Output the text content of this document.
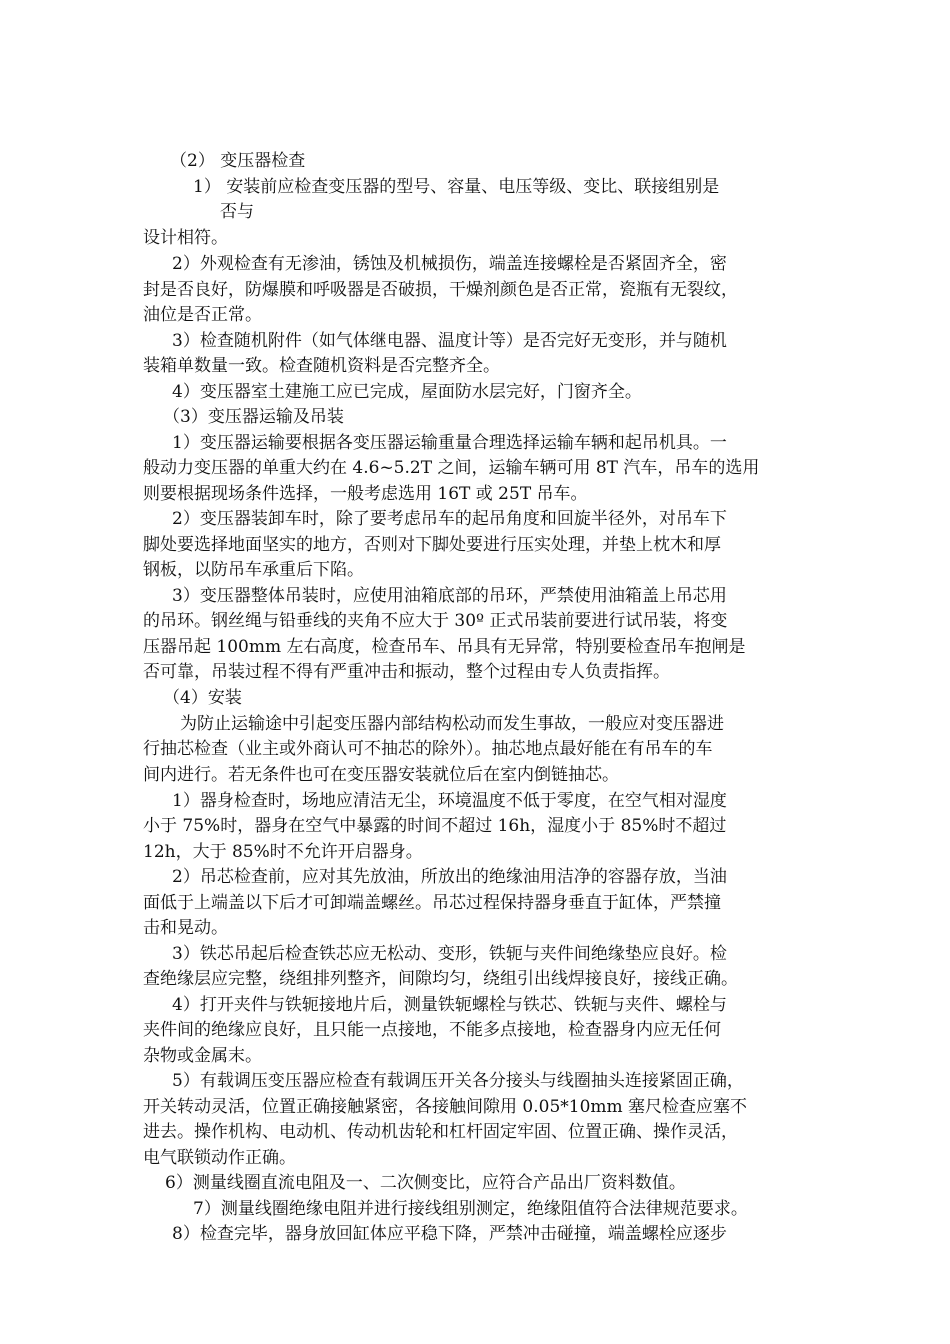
（2） 变压器检查

1） 安装前应检查变压器的型号、容量、电压等级、变比、联接组别是

否与

设计相符。

2）外观检查有无渗油，锈蚀及机械损伤，端盖连接螺栓是否紧固齐全，密

封是否良好，防爆膜和呼吸器是否破损，干燥剂颜色是否正常，瓷瓶有无裂纹，

油位是否正常。

3）检查随机附件（如气体继电器、温度计等）是否完好无变形，并与随机

装箱单数量一致。检查随机资料是否完整齐全。

4）变压器室土建施工应已完成，屋面防水层完好，门窗齐全。

（3）变压器运输及吊装

1）变压器运输要根据各变压器运输重量合理选择运输车辆和起吊机具。一

般动力变压器的单重大约在 4.6~5.2T 之间，运输车辆可用 8T 汽车，吊车的选用

则要根据现场条件选择，一般考虑选用 16T 或 25T 吊车。

2）变压器装卸车时，除了要考虑吊车的起吊角度和回旋半径外，对吊车下

脚处要选择地面坚实的地方，否则对下脚处要进行压实处理，并垫上枕木和厚

钢板，以防吊车承重后下陷。

3）变压器整体吊装时，应使用油箱底部的吊环，严禁使用油箱盖上吊芯用

的吊环。钢丝绳与铅垂线的夹角不应大于 30º 正式吊装前要进行试吊装，将变

压器吊起 100mm 左右高度，检查吊车、吊具有无异常，特别要检查吊车抱闸是

否可靠，吊装过程不得有严重冲击和振动，整个过程由专人负责指挥。

（4）安装

为防止运输途中引起变压器内部结构松动而发生事故，一般应对变压器进

行抽芯检查（业主或外商认可不抽芯的除外）。抽芯地点最好能在有吊车的车

间内进行。若无条件也可在变压器安装就位后在室内倒链抽芯。

1）器身检查时，场地应清洁无尘，环境温度不低于零度，在空气相对湿度

小于 75%时，器身在空气中暴露的时间不超过 16h，湿度小于 85%时不超过

12h，大于 85%时不允许开启器身。

2）吊芯检查前，应对其先放油，所放出的绝缘油用洁净的容器存放，当油

面低于上端盖以下后才可卸端盖螺丝。吊芯过程保持器身垂直于缸体，严禁撞

击和晃动。

3）铁芯吊起后检查铁芯应无松动、变形，铁轭与夹件间绝缘垫应良好。检

查绝缘层应完整，绕组排列整齐，间隙均匀，绕组引出线焊接良好，接线正确。

4）打开夹件与铁轭接地片后，测量铁轭螺栓与铁芯、铁轭与夹件、螺栓与

夹件间的绝缘应良好，且只能一点接地，不能多点接地，检查器身内应无任何

杂物或金属末。

5）有载调压变压器应检查有载调压开关各分接头与线圈抽头连接紧固正确，

开关转动灵活，位置正确接触紧密，各接触间隙用 0.05*10mm 塞尺检查应塞不

进去。操作机构、电动机、传动机齿轮和杠杆固定牢固、位置正确、操作灵活，

电气联锁动作正确。

6）测量线圈直流电阻及一、二次侧变比，应符合产品出厂资料数值。

7）测量线圈绝缘电阻并进行接线组别测定，绝缘阻值符合法律规范要求。

8）检查完毕，器身放回缸体应平稳下降，严禁冲击碰撞，端盖螺栓应逐步
